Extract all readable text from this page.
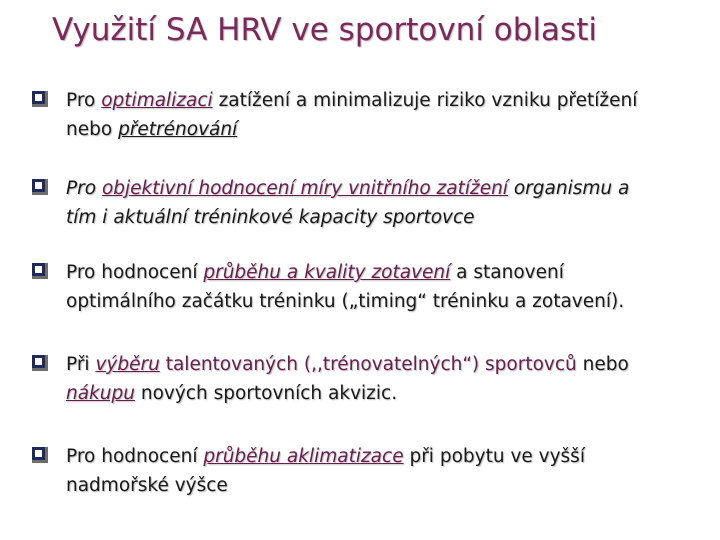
Využití SA HRV ve sportovní oblasti
Pro optimalizaci zatížení a minimalizuje riziko vzniku přetížení
nebo přetrénování
Pro objektivní hodnocení míry vnitřního zatížení organismu a
tím i aktuální tréninkové kapacity sportovce
Pro hodnocení průběhu a kvality zotavení a stanovení
optimálního začátku tréninku („timing“ tréninku a zotavení).
Při výběru talentovaných (,,trénovatelných“) sportovců nebo
nákupu nových sportovních akvizic.
Pro hodnocení průběhu aklimatizace při pobytu ve vyšší
nadmořské výšce
